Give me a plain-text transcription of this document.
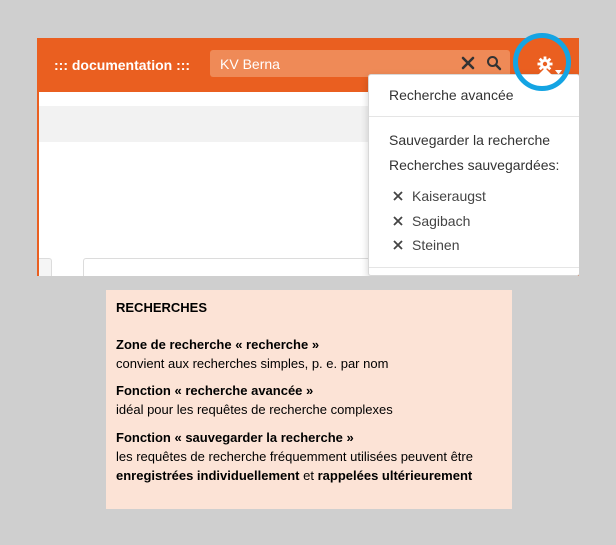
::: documentation :::
KV Berna
Recherche avancée
Sauvegarder la recherche
Recherches sauvegardées:
Kaiseraugst
Sagibach
Steinen

RECHERCHES

Zone de recherche « recherche »
convient aux recherches simples, p. e. par nom

Fonction « recherche avancée »
idéal pour les requêtes de recherche complexes

Fonction « sauvegarder la recherche »
les requêtes de recherche fréquemment utilisées peuvent être enregistrées individuellement et rappelées ultérieurement
